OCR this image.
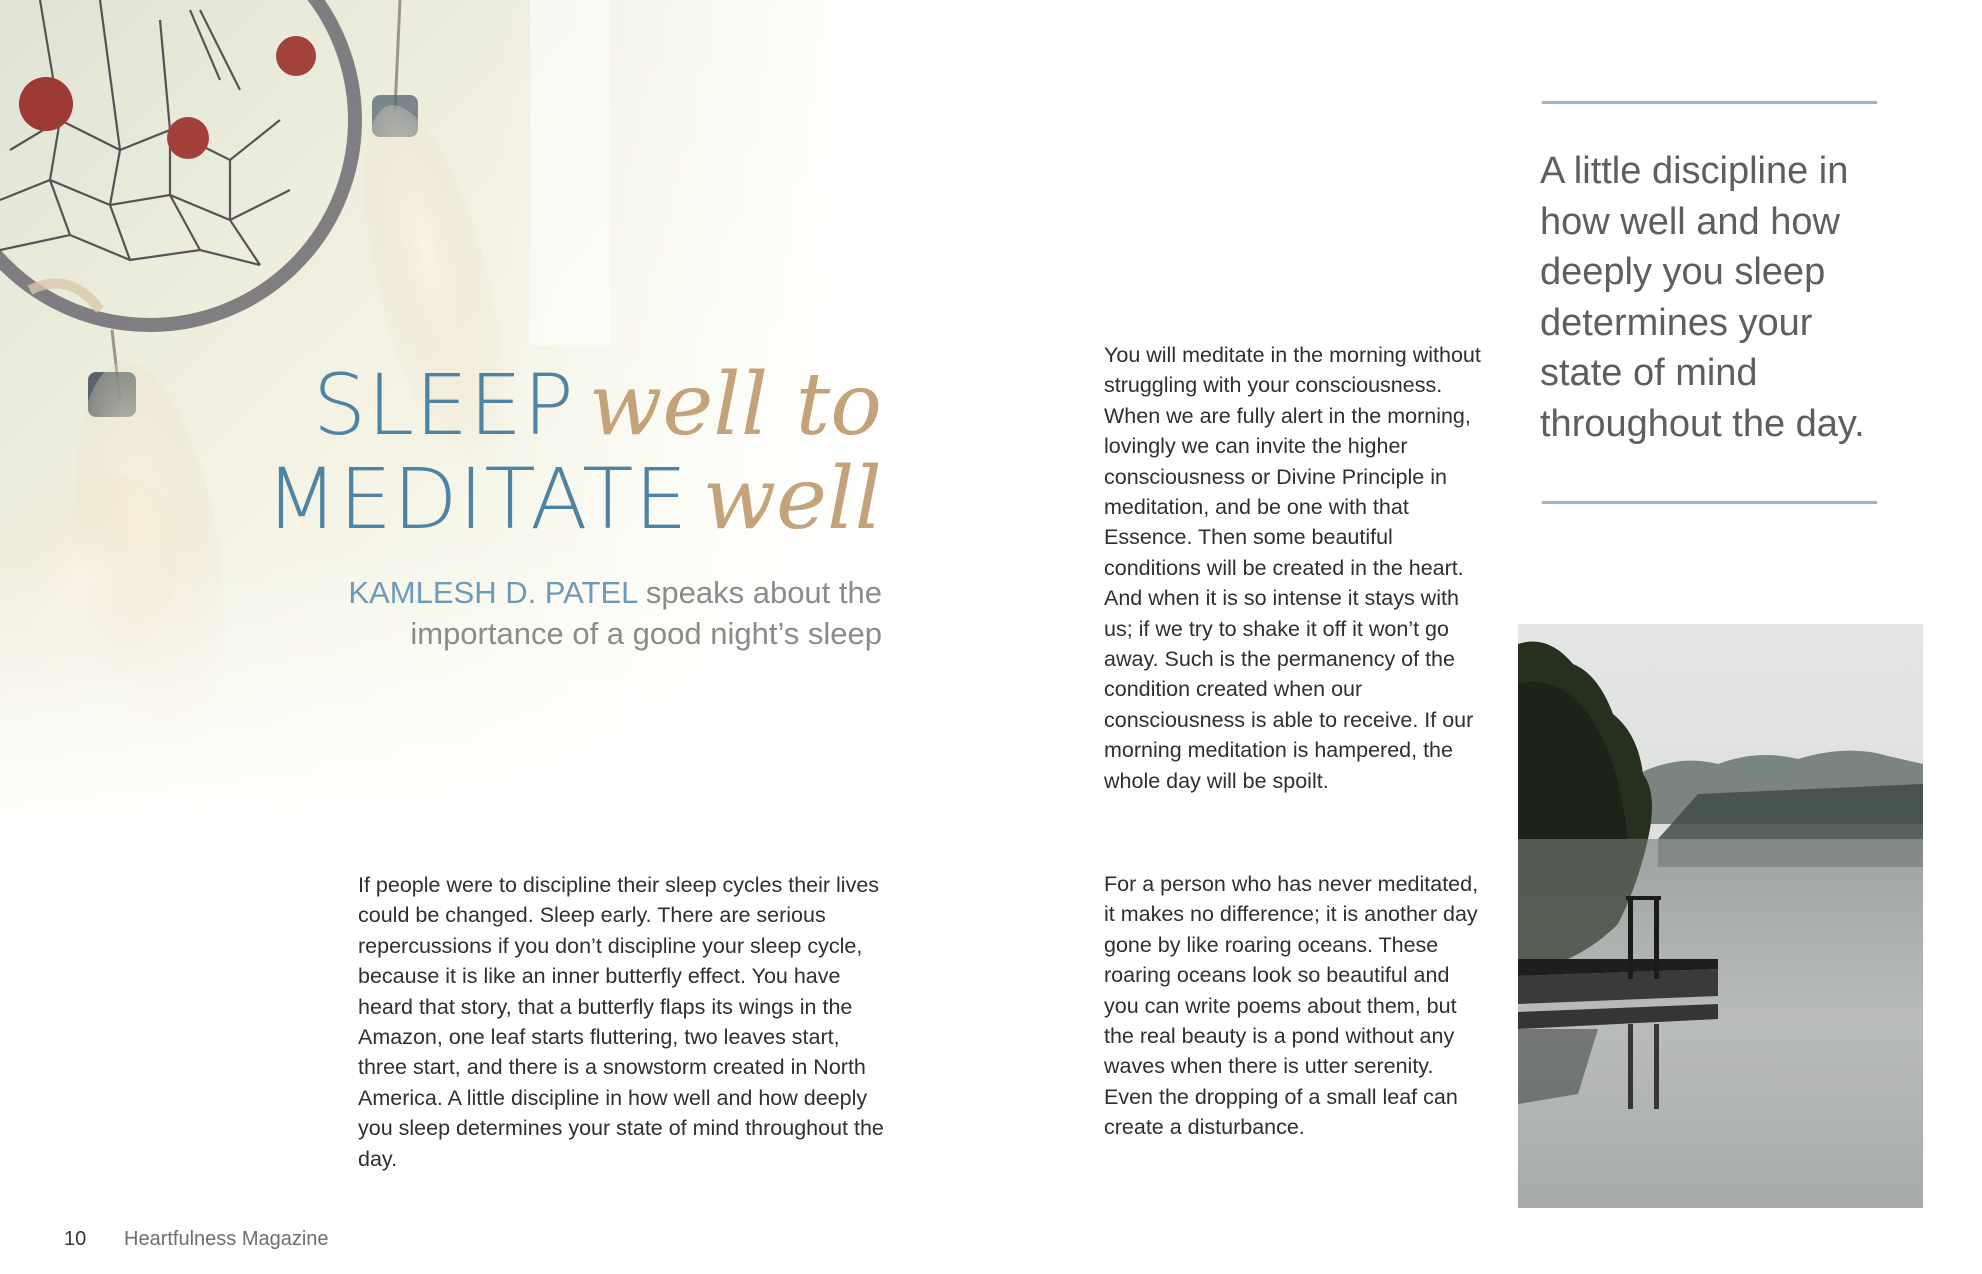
SLEEP well to
MEDITATE well
KAMLESH D. PATEL speaks about the importance of a good night’s sleep

If people were to discipline their sleep cycles their lives could be changed. Sleep early. There are serious repercussions if you don’t discipline your sleep cycle, because it is like an inner butterfly effect. You have heard that story, that a butterfly flaps its wings in the Amazon, one leaf starts fluttering, two leaves start, three start, and there is a snowstorm created in North America. A little discipline in how well and how deeply you sleep determines your state of mind throughout the day.

You will meditate in the morning without struggling with your consciousness. When we are fully alert in the morning, lovingly we can invite the higher consciousness or Divine Principle in meditation, and be one with that Essence. Then some beautiful conditions will be created in the heart. And when it is so intense it stays with us; if we try to shake it off it won’t go away. Such is the permanency of the condition created when our consciousness is able to receive. If our morning meditation is hampered, the whole day will be spoilt.

For a person who has never meditated, it makes no difference; it is another day gone by like roaring oceans. These roaring oceans look so beautiful and you can write poems about them, but the real beauty is a pond without any waves when there is utter serenity. Even the dropping of a small leaf can create a disturbance.

A little discipline in how well and how deeply you sleep determines your state of mind throughout the day.

10 Heartfulness Magazine
